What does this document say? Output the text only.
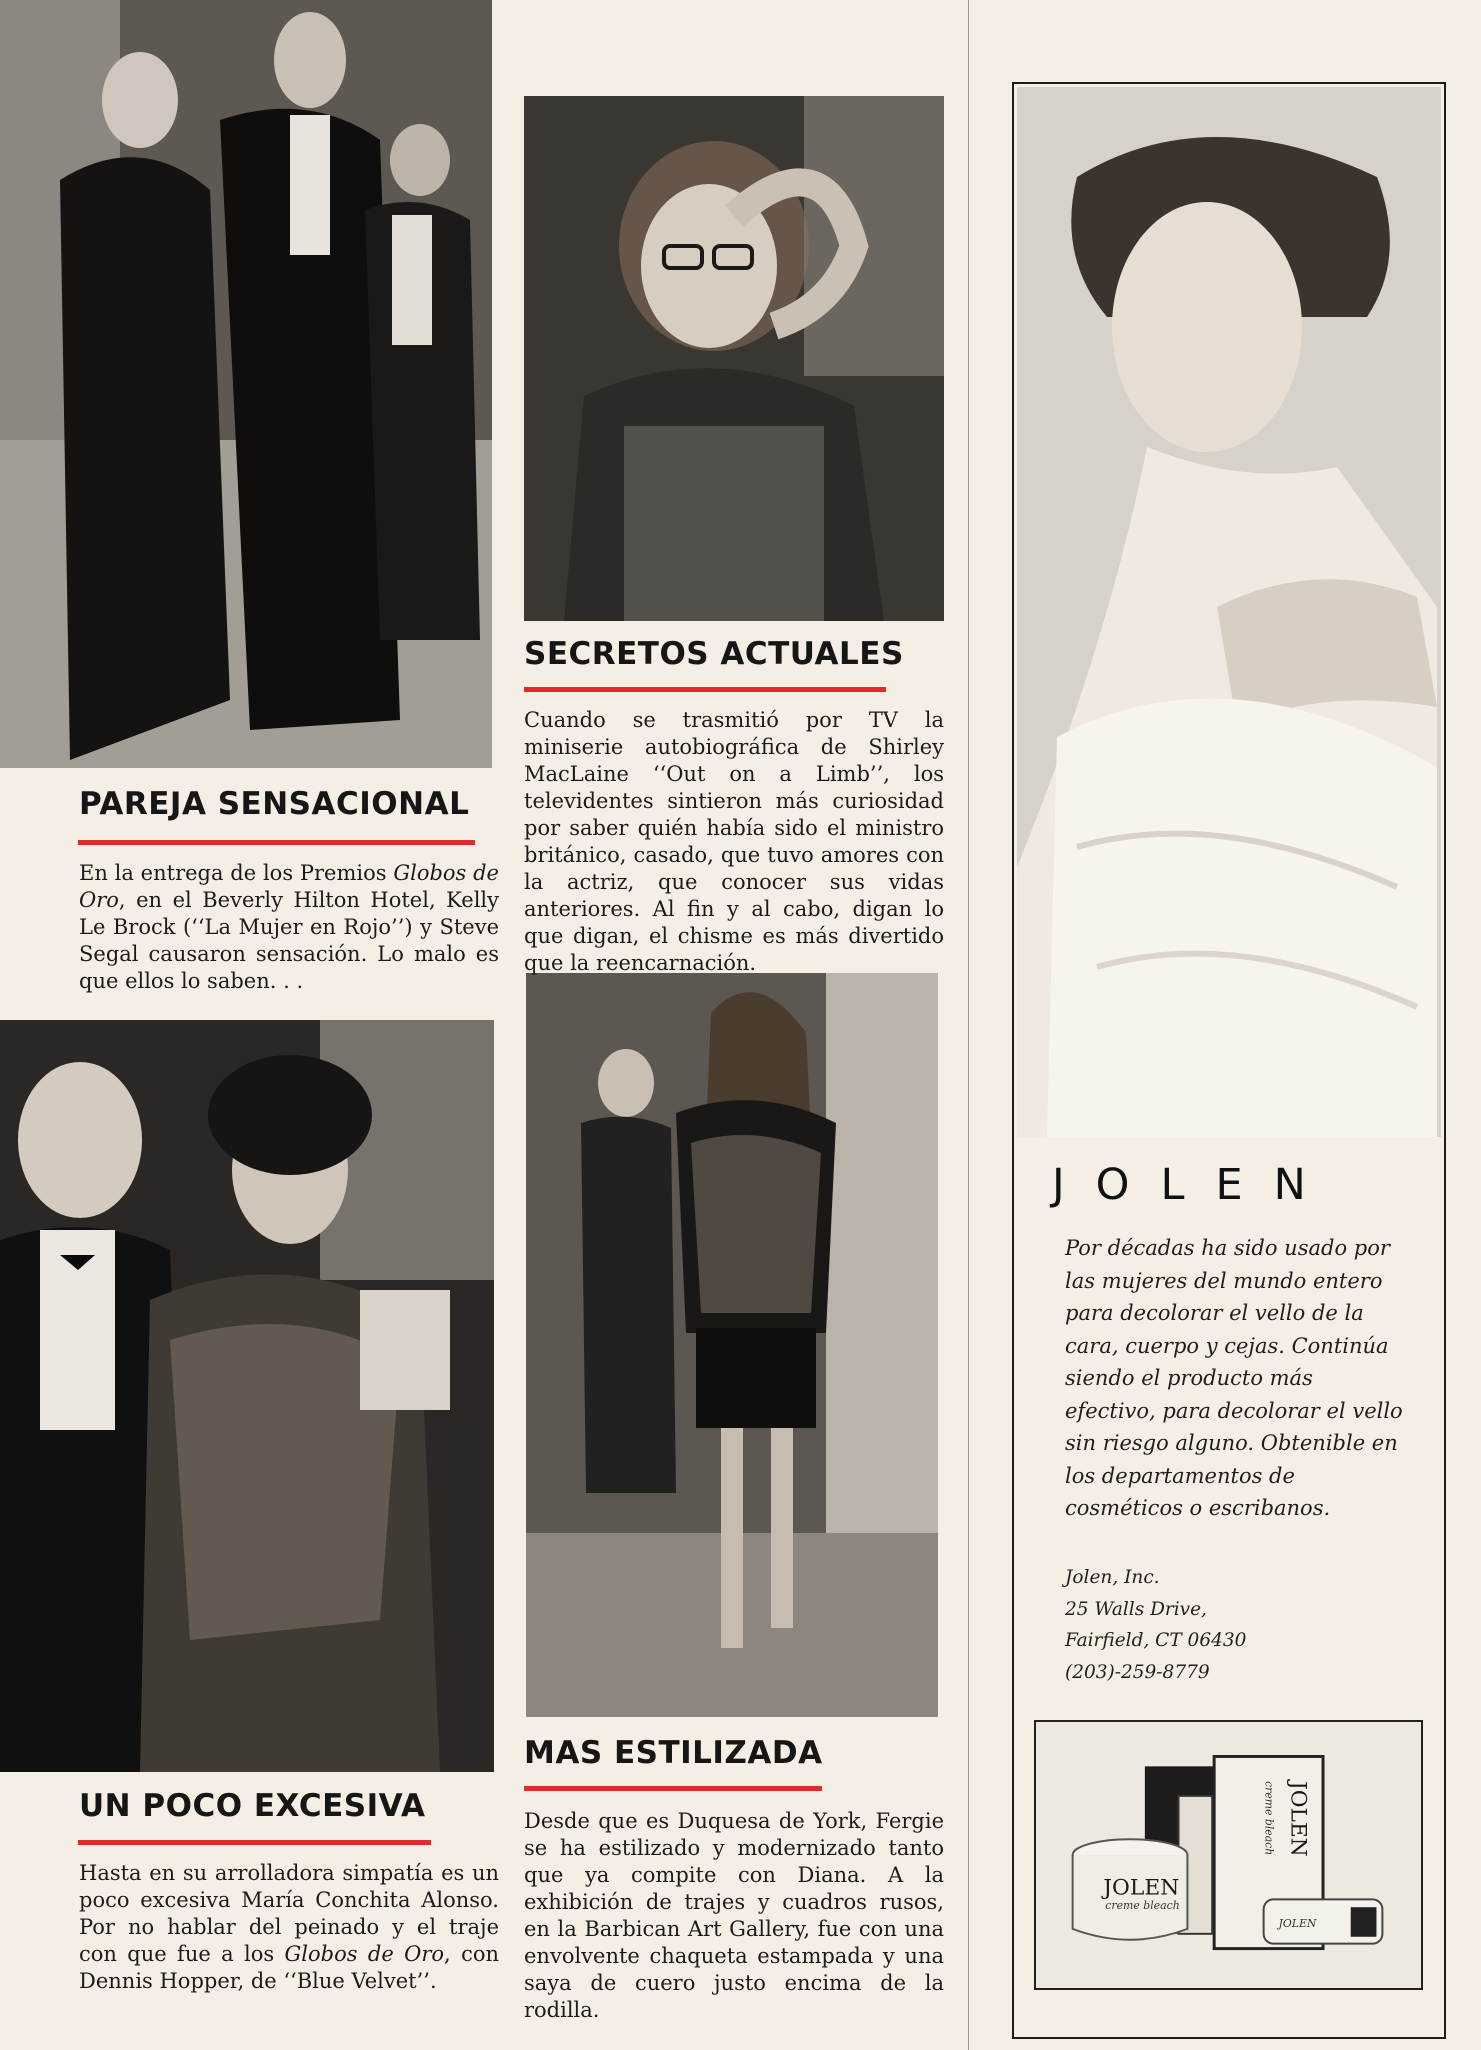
PAREJA SENSACIONAL

En la entrega de los Premios Globos de Oro, en el Beverly Hilton Hotel, Kelly Le Brock (‘‘La Mujer en Rojo’’) y Steve Segal causaron sensación. Lo malo es que ellos lo saben. . .

SECRETOS ACTUALES

Cuando se trasmitió por TV la miniserie autobiográfica de Shirley MacLaine ‘‘Out on a Limb’’, los televidentes sintieron más curiosidad por saber quién había sido el ministro británico, casado, que tuvo amores con la actriz, que conocer sus vidas anteriores. Al fin y al cabo, digan lo que digan, el chisme es más divertido que la reencarnación.

UN POCO EXCESIVA

Hasta en su arrolladora simpatía es un poco excesiva María Conchita Alonso. Por no hablar del peinado y el traje con que fue a los Globos de Oro, con Dennis Hopper, de ‘‘Blue Velvet’’.

MAS ESTILIZADA

Desde que es Duquesa de York, Fergie se ha estilizado y modernizado tanto que ya compite con Diana. A la exhibición de trajes y cuadros rusos, en la Barbican Art Gallery, fue con una envolvente chaqueta estampada y una saya de cuero justo encima de la rodilla.

JOLEN
Por décadas ha sido usado por las mujeres del mundo entero para decolorar el vello de la cara, cuerpo y cejas. Continúa siendo el producto más efectivo, para decolorar el vello sin riesgo alguno. Obtenible en los departamentos de cosméticos o escribanos.
Jolen, Inc.
25 Walls Drive,
Fairfield, CT 06430
(203)-259-8779
JOLEN
creme bleach
JOLEN
creme bleach
JOLEN
